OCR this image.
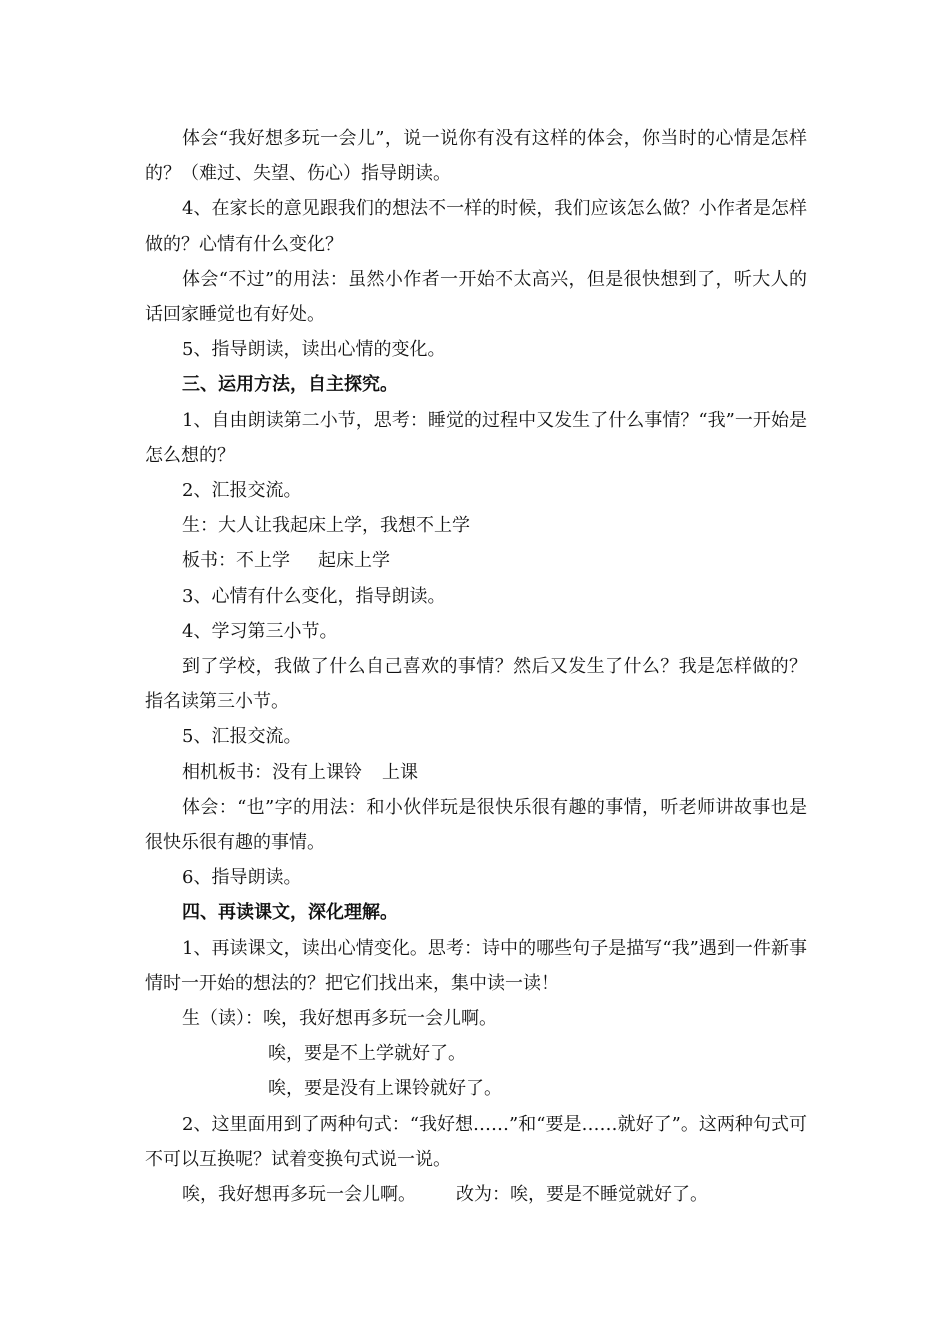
体会“我好想多玩一会儿”，说一说你有没有这样的体会，你当时的心情是怎样的？（难过、失望、伤心）指导朗读。

4、在家长的意见跟我们的想法不一样的时候，我们应该怎么做？小作者是怎样做的？心情有什么变化？

体会“不过”的用法：虽然小作者一开始不太高兴，但是很快想到了，听大人的话回家睡觉也有好处。

5、指导朗读，读出心情的变化。

三、运用方法，自主探究。

1、自由朗读第二小节，思考：睡觉的过程中又发生了什么事情？“我”一开始是怎么想的？

2、汇报交流。

生：大人让我起床上学，我想不上学

板书：不上学 起床上学

3、心情有什么变化，指导朗读。

4、学习第三小节。

到了学校，我做了什么自己喜欢的事情？然后又发生了什么？我是怎样做的？指名读第三小节。

5、汇报交流。

相机板书：没有上课铃 上课

体会：“也”字的用法：和小伙伴玩是很快乐很有趣的事情，听老师讲故事也是很快乐很有趣的事情。

6、指导朗读。

四、再读课文，深化理解。

1、再读课文，读出心情变化。思考：诗中的哪些句子是描写“我”遇到一件新事情时一开始的想法的？把它们找出来，集中读一读！

生（读）：唉，我好想再多玩一会儿啊。

唉，要是不上学就好了。

唉，要是没有上课铃就好了。

2、这里面用到了两种句式：“我好想……”和“要是……就好了”。这两种句式可不可以互换呢？试着变换句式说一说。

唉，我好想再多玩一会儿啊。 改为：唉，要是不睡觉就好了。
